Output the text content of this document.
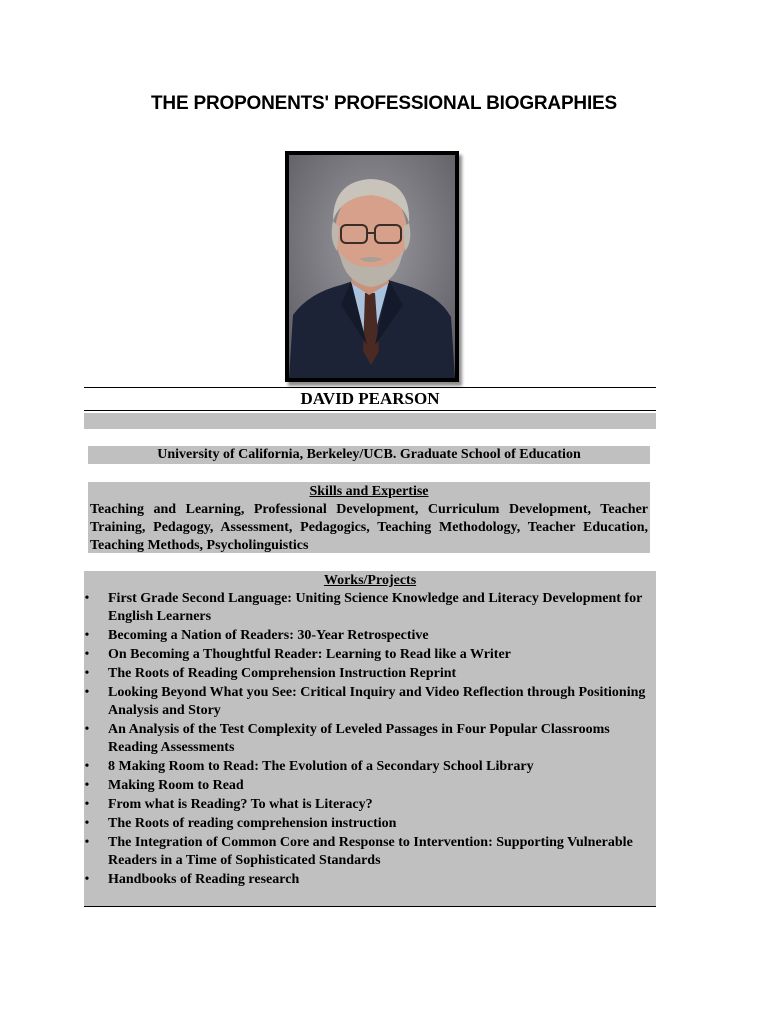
THE PROPONENTS' PROFESSIONAL BIOGRAPHIES
DAVID PEARSON
University of California, Berkeley/UCB. Graduate School of Education
Skills and Expertise
Teaching and Learning, Professional Development, Curriculum Development, Teacher Training, Pedagogy, Assessment, Pedagogics, Teaching Methodology, Teacher Education, Teaching Methods, Psycholinguistics
Works/Projects
• First Grade Second Language: Uniting Science Knowledge and Literacy Development for English Learners
• Becoming a Nation of Readers: 30-Year Retrospective
• On Becoming a Thoughtful Reader: Learning to Read like a Writer
• The Roots of Reading Comprehension Instruction Reprint
• Looking Beyond What you See: Critical Inquiry and Video Reflection through Positioning Analysis and Story
• An Analysis of the Test Complexity of Leveled Passages in Four Popular Classrooms Reading Assessments
• 8 Making Room to Read: The Evolution of a Secondary School Library
• Making Room to Read
• From what is Reading? To what is Literacy?
• The Roots of reading comprehension instruction
• The Integration of Common Core and Response to Intervention: Supporting Vulnerable Readers in a Time of Sophisticated Standards
• Handbooks of Reading research
